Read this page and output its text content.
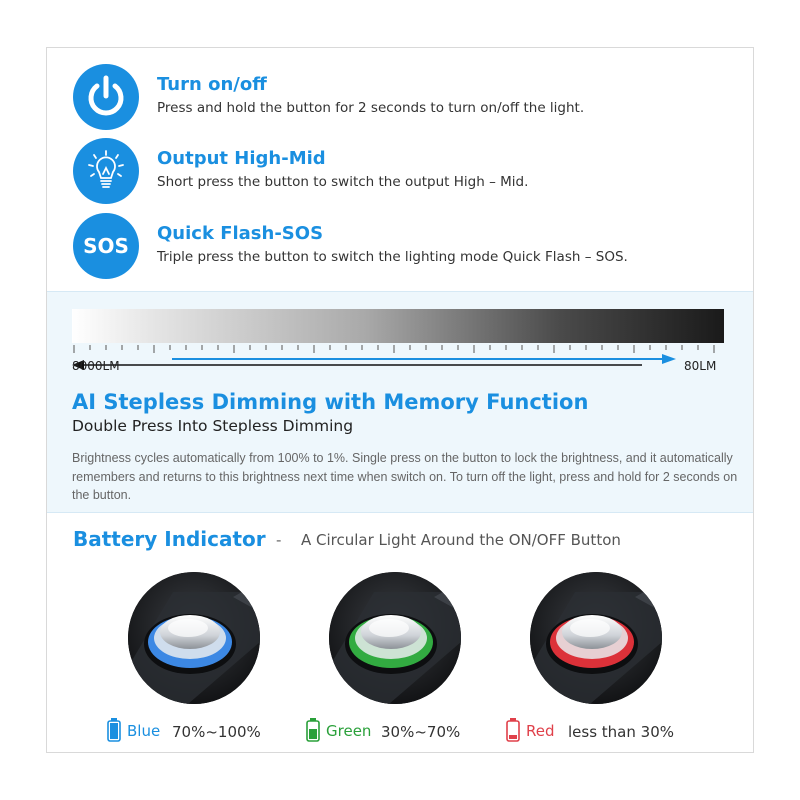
Turn on/off
Press and hold the button for 2 seconds to turn on/off the light.
Output High-Mid
Short press the button to switch the output High – Mid.
SOS
Quick Flash-SOS
Triple press the button to switch the lighting mode Quick Flash – SOS.
8000LM	80LM
AI Stepless Dimming with Memory Function
Double Press Into Stepless Dimming
Brightness cycles automatically from 100% to 1%. Single press on the button to lock the brightness, and it automatically remembers and returns to this brightness next time when switch on. To turn off the light, press and hold for 2 seconds on the button.
Battery Indicator - A Circular Light Around the ON/OFF Button
Blue 70%~100%	Green 30%~70%	Red less than 30%
